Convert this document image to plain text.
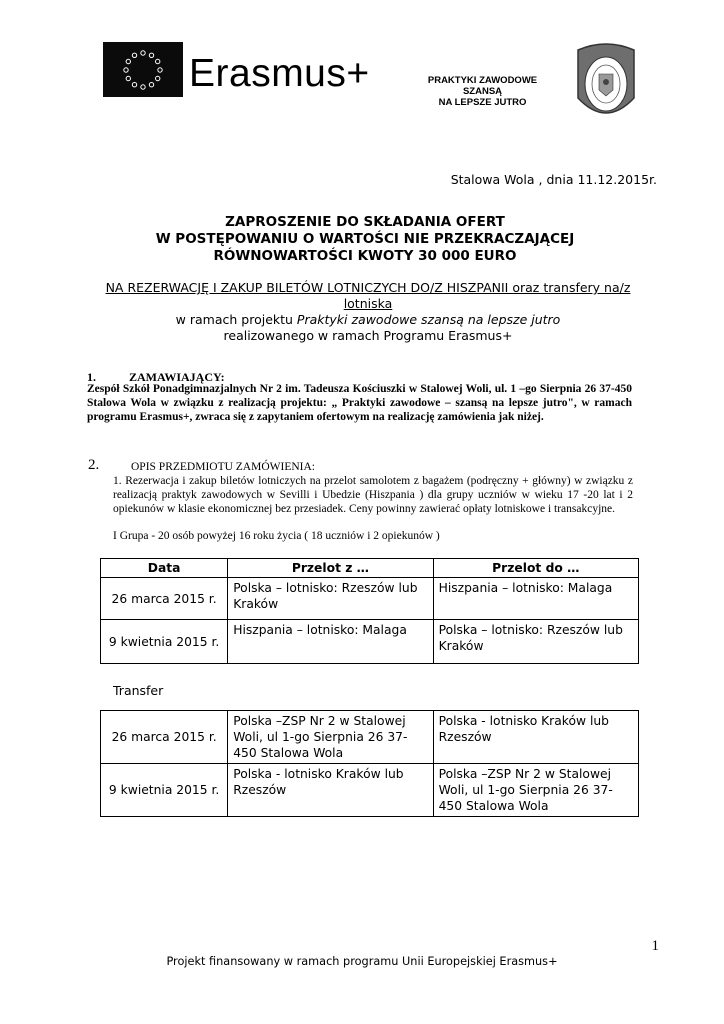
Erasmus+	PRAKTYKI ZAWODOWE
SZANSĄ
NA LEPSZE JUTRO
Stalowa Wola , dnia 11.12.2015r.
ZAPROSZENIE DO SKŁADANIA OFERT
W POSTĘPOWANIU O WARTOŚCI NIE PRZEKRACZAJĄCEJ
RÓWNOWARTOŚCI KWOTY 30 000 EURO
NA REZERWACJĘ I ZAKUP BILETÓW LOTNICZYCH DO/Z HISZPANII oraz transfery na/z lotniska
w ramach projektu Praktyki zawodowe szansą na lepsze jutro
realizowanego w ramach Programu Erasmus+
1.	ZAMAWIAJĄCY:
Zespół Szkół Ponadgimnazjalnych Nr 2 im. Tadeusza Kościuszki w Stalowej Woli, ul. 1 –go Sierpnia 26 37-450 Stalowa Wola w związku z realizacją projektu: „ Praktyki zawodowe – szansą na lepsze jutro", w ramach programu Erasmus+, zwraca się z zapytaniem ofertowym na realizację zamówienia jak niżej.
2.	OPIS PRZEDMIOTU ZAMÓWIENIA:
1. Rezerwacja i zakup biletów lotniczych na przelot samolotem z bagażem (podręczny + główny) w związku z realizacją praktyk zawodowych w Sevilli i Ubedzie (Hiszpania ) dla grupy uczniów w wieku 17 -20 lat i 2 opiekunów w klasie ekonomicznej bez przesiadek. Ceny powinny zawierać opłaty lotniskowe i transakcyjne.
I Grupa - 20 osób powyżej 16 roku życia ( 18 uczniów i 2 opiekunów )
Data	Przelot z …	Przelot do …
26 marca 2015 r.	Polska – lotnisko: Rzeszów lub Kraków	Hiszpania – lotnisko: Malaga
9 kwietnia 2015 r.	Hiszpania – lotnisko: Malaga	Polska – lotnisko: Rzeszów lub Kraków
Transfer
26 marca 2015 r.	Polska –ZSP Nr 2 w Stalowej Woli, ul 1-go Sierpnia 26 37-450 Stalowa Wola	Polska - lotnisko Kraków lub Rzeszów
9 kwietnia 2015 r.	Polska - lotnisko Kraków lub Rzeszów	Polska –ZSP Nr 2 w Stalowej Woli, ul 1-go Sierpnia 26 37-450 Stalowa Wola
1
Projekt finansowany w ramach programu Unii Europejskiej Erasmus+
